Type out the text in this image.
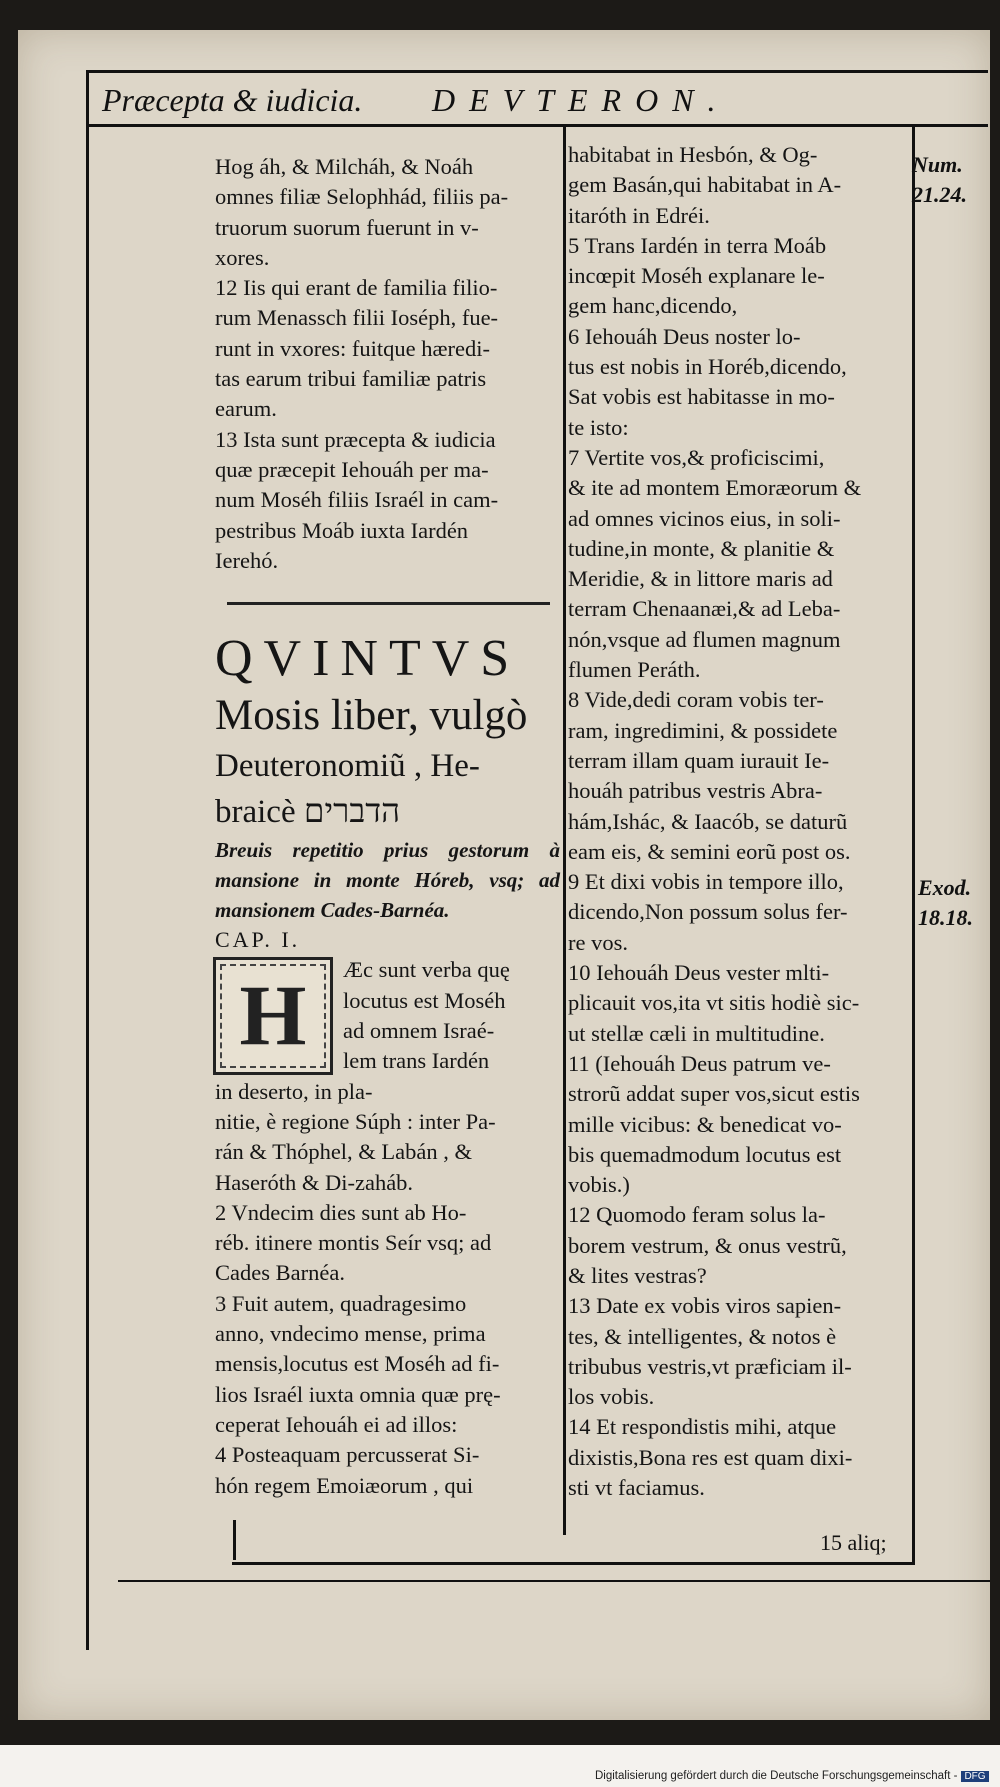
Præcepta & iudicia. DEVTERON.

Hog áh, & Milcháh, & Noáh

omnes filiæ Selophhád, filiis pa-

truorum suorum fuerunt in v-

xores.

12 Iis qui erant de familia filio-

rum Menassch filii Ioséph, fue-

runt in vxores: fuitque hæredi-

tas earum tribui familiæ patris

earum.

13 Ista sunt præcepta & iudicia

quæ præcepit Iehouáh per ma-

num Moséh filiis Israél in cam-

pestribus Moáb iuxta Iardén

Ierehó.

QVINTVS

Mosis liber, vulgò

Deuteronomiũ , He-

braicè הדברים

Breuis repetitio prius gestorum à mansione in monte Hóreb, vsq; ad mansionem Cades-Barnéa.

CAP. I.

H	Æc sunt verba quę

locutus est Moséh

ad omnem Israé-

lem trans Iardén

in deserto, in pla-

nitie, è regione Súph : inter Pa-

rán & Thóphel, & Labán , &

Haseróth & Di-zaháb.

2 Vndecim dies sunt ab Ho-

réb. itinere montis Seír vsq; ad

Cades Barnéa.

3 Fuit autem, quadragesimo

anno, vndecimo mense, prima

mensis,locutus est Moséh ad fi-

lios Israél iuxta omnia quæ prę-

ceperat Iehouáh ei ad illos:

4 Posteaquam percusserat Si-

hón regem Emoiæorum , qui

habitabat in Hesbón, & Og-

gem Basán,qui habitabat in A-

itaróth in Edréi.

5 Trans Iardén in terra Moáb

incœpit Moséh explanare le-

gem hanc,dicendo,

6 Iehouáh Deus noster lo-

tus est nobis in Horéb,dicendo,

Sat vobis est habitasse in mo-

te isto:

7 Vertite vos,& proficiscimi,

& ite ad montem Emoræorum &

ad omnes vicinos eius, in soli-

tudine,in monte, & planitie &

Meridie, & in littore maris ad

terram Chenaanæi,& ad Leba-

nón,vsque ad flumen magnum

flumen Peráth.

8 Vide,dedi coram vobis ter-

ram, ingredimini, & possidete

terram illam quam iurauit Ie-

houáh patribus vestris Abra-

hám,Ishác, & Iaacób, se daturũ

eam eis, & semini eorũ post os.

9 Et dixi vobis in tempore illo,

dicendo,Non possum solus fer-

re vos.

10 Iehouáh Deus vester mlti-

plicauit vos,ita vt sitis hodiè sic-

ut stellæ cæli in multitudine.

11 (Iehouáh Deus patrum ve-

strorũ addat super vos,sicut estis

mille vicibus: & benedicat vo-

bis quemadmodum locutus est

vobis.)

12 Quomodo feram solus la-

borem vestrum, & onus vestrũ,

& lites vestras?

13 Date ex vobis viros sapien-

tes, & intelligentes, & notos è

tribubus vestris,vt præficiam il-

los vobis.

14 Et respondistis mihi, atque

dixistis,Bona res est quam dixi-

sti vt faciamus.

Num.
21.24.
Exod.
18.18.
15 aliq;
Digitalisierung gefördert durch die Deutsche Forschungsgemeinschaft - DFG
